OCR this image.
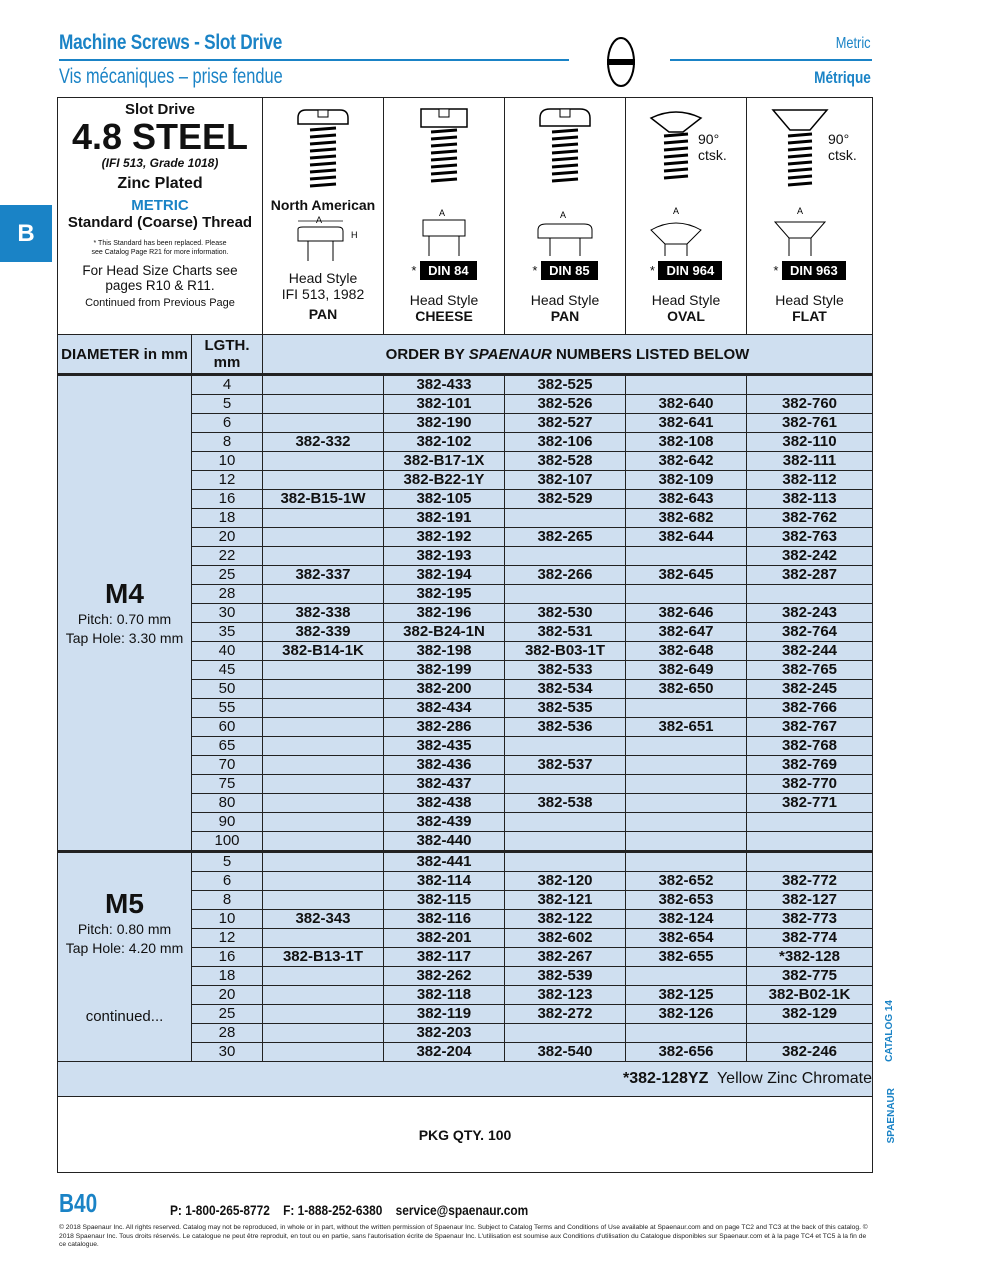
Machine Screws - Slot Drive
Vis mécaniques – prise fendue
Metric
Métrique
B
Slot Drive
4.8 STEEL
(IFI 513, Grade 1018)
Zinc Plated
METRIC
Standard (Coarse) Thread
* This Standard has been replaced. Please see Catalog Page R21 for more information.
For Head Size Charts see pages R10 & R11.
Continued from Previous Page

North American
A
H
Head Style
IFI 513, 1982
PAN

A
* DIN 84
Head Style
CHEESE

A
* DIN 85
Head Style
PAN

90° ctsk.
A
* DIN 964
Head Style
OVAL

90° ctsk.
A
* DIN 963
Head Style
FLAT

DIAMETER in mm	LGTH. mm	ORDER BY SPAENAUR NUMBERS LISTED BELOW				

M4
Pitch: 0.70 mm
Tap Hole: 3.30 mm	4		382-433	382-525		
	5		382-101	382-526	382-640	382-760
	6		382-190	382-527	382-641	382-761
	8	382-332	382-102	382-106	382-108	382-110
	10		382-B17-1X	382-528	382-642	382-111
	12		382-B22-1Y	382-107	382-109	382-112
	16	382-B15-1W	382-105	382-529	382-643	382-113
	18		382-191		382-682	382-762
	20		382-192	382-265	382-644	382-763
	22		382-193			382-242
	25	382-337	382-194	382-266	382-645	382-287
	28		382-195			
	30	382-338	382-196	382-530	382-646	382-243
	35	382-339	382-B24-1N	382-531	382-647	382-764
	40	382-B14-1K	382-198	382-B03-1T	382-648	382-244
	45		382-199	382-533	382-649	382-765
	50		382-200	382-534	382-650	382-245
	55		382-434	382-535		382-766
	60		382-286	382-536	382-651	382-767
	65		382-435			382-768
	70		382-436	382-537		382-769
	75		382-437			382-770
	80		382-438	382-538		382-771
	90		382-439			
	100		382-440			

M5
Pitch: 0.80 mm
Tap Hole: 4.20 mm
continued...	5		382-441			
	6		382-114	382-120	382-652	382-772
	8		382-115	382-121	382-653	382-127
	10	382-343	382-116	382-122	382-124	382-773
	12		382-201	382-602	382-654	382-774
	16	382-B13-1T	382-117	382-267	382-655	*382-128
	18		382-262	382-539		382-775
	20		382-118	382-123	382-125	382-B02-1K
	25		382-119	382-272	382-126	382-129
	28		382-203			
	30		382-204	382-540	382-656	382-246
*382-128YZ Yellow Zinc Chromate						
PKG QTY. 100						
CATALOG 14
SPAENAUR
B40	P: 1-800-265-8772 F: 1-888-252-6380 service@spaenaur.com
© 2018 Spaenaur Inc. All rights reserved. Catalog may not be reproduced, in whole or in part, without the written permission of Spaenaur Inc. Subject to Catalog Terms and Conditions of Use available at Spaenaur.com and on page TC2 and TC3 at the back of this catalog. © 2018 Spaenaur Inc. Tous droits réservés. Le catalogue ne peut être reproduit, en tout ou en partie, sans l'autorisation écrite de Spaenaur Inc. L'utilisation est soumise aux Conditions d'utilisation du Catalogue disponibles sur Spaenaur.com et à la page TC4 et TC5 à la fin de ce catalogue.
